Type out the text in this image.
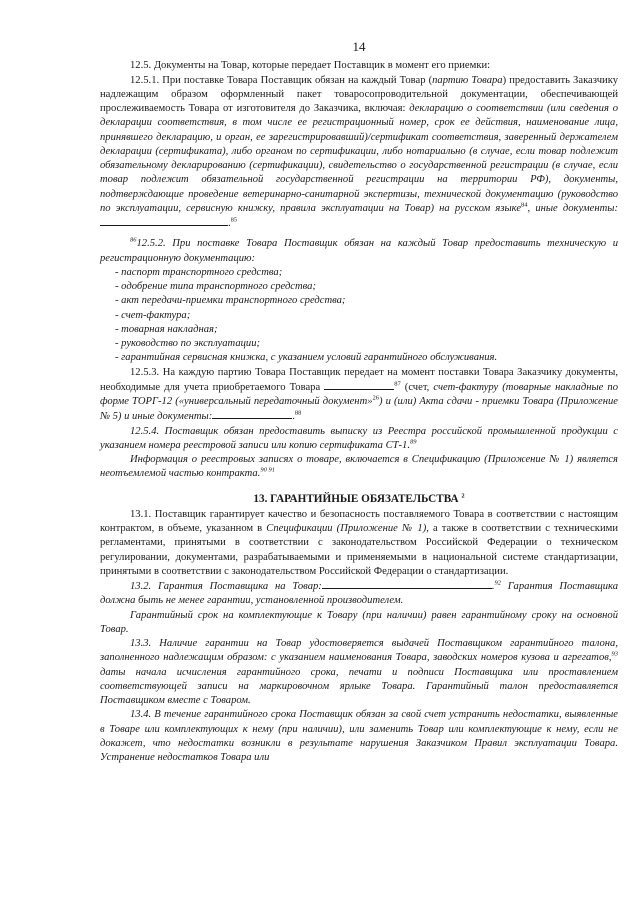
14

12.5. Документы на Товар, которые передает Поставщик в момент его приемки:

12.5.1. При поставке Товара Поставщик обязан на каждый Товар (партию Товара) предоставить Заказчику надлежащим образом оформленный пакет товаросопроводительной документации, обеспечивающей прослеживаемость Товара от изготовителя до Заказчика, включая: декларацию о соответствии (или сведения о декларации соответствия, в том числе ее регистрационный номер, срок ее действия, наименование лица, принявшего декларацию, и орган, ее зарегистрировавший)/сертификат соответствия, заверенный держателем декларации (сертификата), либо органом по сертификации, либо нотариально (в случае, если товар подлежит обязательному декларированию (сертификации), свидетельство о государственной регистрации (в случае, если товар подлежит обязательной государственной регистрации на территории РФ), документы, подтверждающие проведение ветеринарно-санитарной экспертизы, технической документацию (руководство по эксплуатации, сервисную книжку, правила эксплуатации на Товар) на русском языке$^{84}$, иные документы:.$^{85}$

$^{86}$12.5.2. При поставке Товара Поставщик обязан на каждый Товар предоставить техническую и регистрационную документацию:

- паспорт транспортного средства;
- одобрение типа транспортного средства;
- акт передачи-приемки транспортного средства;
- счет-фактура;
- товарная накладная;
- руководство по эксплуатации;
- гарантийная сервисная книжка, с указанием условий гарантийного обслуживания.

12.5.3. На каждую партию Товара Поставщик передает на момент поставки Товара Заказчику документы, необходимые для учета приобретаемого Товара	$^{87}$ (счет, счет-фактуру (товарные накладные по форме ТОРГ-12 («универсальный передаточный документ»$^{26}$) и (или) Акта сдачи - приемки Товара (Приложение № 5) и иные документы:	.$^{88}$

12.5.4. Поставщик обязан предоставить выписку из Реестра российской промышленной продукции с указанием номера реестровой записи или копию сертификата СТ-1.89

Информация о реестровых записях о товаре, включается в Спецификацию (Приложение № 1) является неотъемлемой частью контракта.$^{90 91}$

13. ГАРАНТИЙНЫЕ ОБЯЗАТЕЛЬСТВА $^2$

13.1. Поставщик гарантирует качество и безопасность поставляемого Товара в соответствии с настоящим контрактом, в объеме, указанном в Спецификации (Приложение № 1), а также в соответствии с техническими регламентами, принятыми в соответствии с законодательством Российской Федерации о техническом регулировании, документами, разрабатываемыми и применяемыми в национальной системе стандартизации, принятыми в соответствии с законодательством Российской Федерации о стандартизации.

13.2. Гарантия Поставщика на Товар:	.$^{92}$ Гарантия Поставщика должна быть не менее гарантии, установленной производителем.

Гарантийный срок на комплектующие к Товару (при наличии) равен гарантийному сроку на основной Товар.

13.3. Наличие гарантии на Товар удостоверяется выдачей Поставщиком гарантийного талона, заполненного надлежащим образом: с указанием наименования Товара, заводских номеров кузова и агрегатов,$^{93}$ даты начала исчисления гарантийного срока, печати и подписи Поставщика или проставлением соответствующей записи на маркировочном ярлыке Товара. Гарантийный талон предоставляется Поставщиком вместе с Товаром.

13.4. В течение гарантийного срока Поставщик обязан за свой счет устранить недостатки, выявленные в Товаре или комплектующих к нему (при наличии), или заменить Товар или комплектующие к нему, если не докажет, что недостатки возникли в результате нарушения Заказчиком Правил эксплуатации Товара. Устранение недостатков Товара или
